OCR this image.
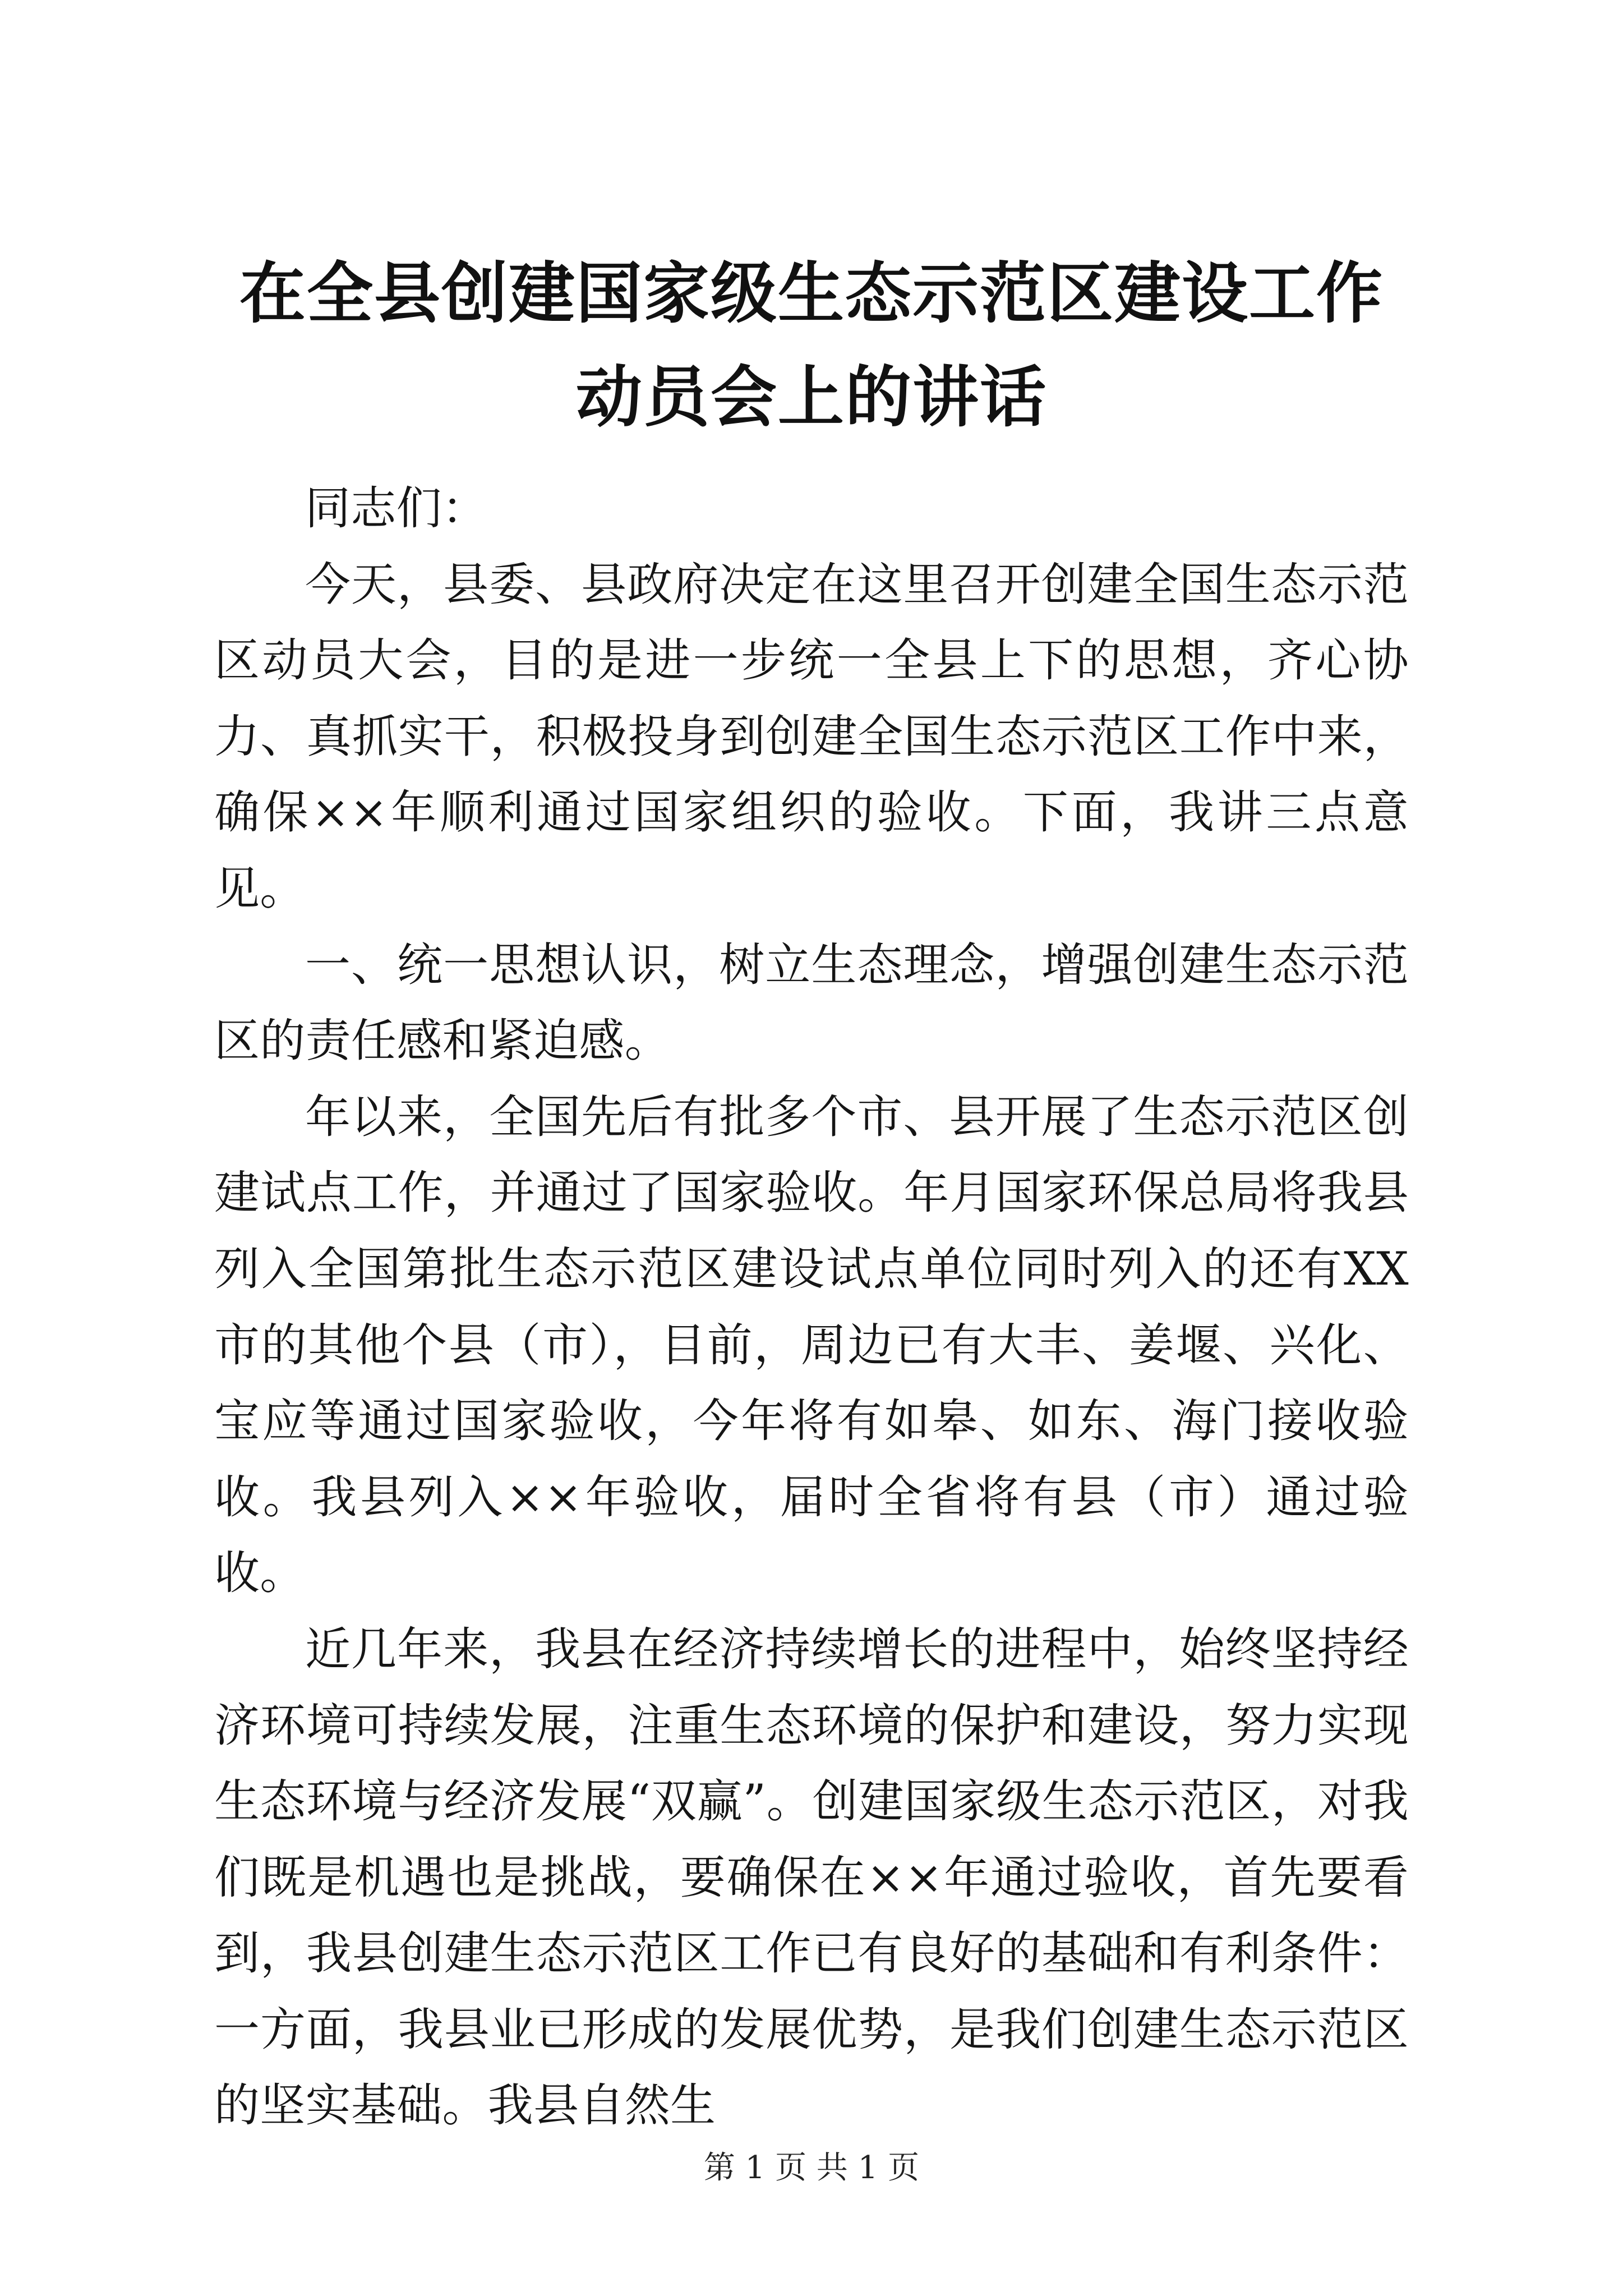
在全县创建国家级生态示范区建设工作动员会上的讲话

同志们：

今天，县委、县政府决定在这里召开创建全国生态示范区动员大会，目的是进一步统一全县上下的思想，齐心协力、真抓实干，积极投身到创建全国生态示范区工作中来，确保××年顺利通过国家组织的验收。下面，我讲三点意见。

一、统一思想认识，树立生态理念，增强创建生态示范区的责任感和紧迫感。

年以来，全国先后有批多个市、县开展了生态示范区创建试点工作，并通过了国家验收。年月国家环保总局将我县列入全国第批生态示范区建设试点单位同时列入的还有XX市的其他个县（市），目前，周边已有大丰、姜堰、兴化、宝应等通过国家验收，今年将有如皋、如东、海门接收验收。我县列入××年验收，届时全省将有县（市）通过验收。

近几年来，我县在经济持续增长的进程中，始终坚持经济环境可持续发展，注重生态环境的保护和建设，努力实现生态环境与经济发展“双赢”。创建国家级生态示范区，对我们既是机遇也是挑战，要确保在××年通过验收，首先要看到，我县创建生态示范区工作已有良好的基础和有利条件：一方面，我县业已形成的发展优势，是我们创建生态示范区的坚实基础。我县自然生

第 1 页 共 1 页
